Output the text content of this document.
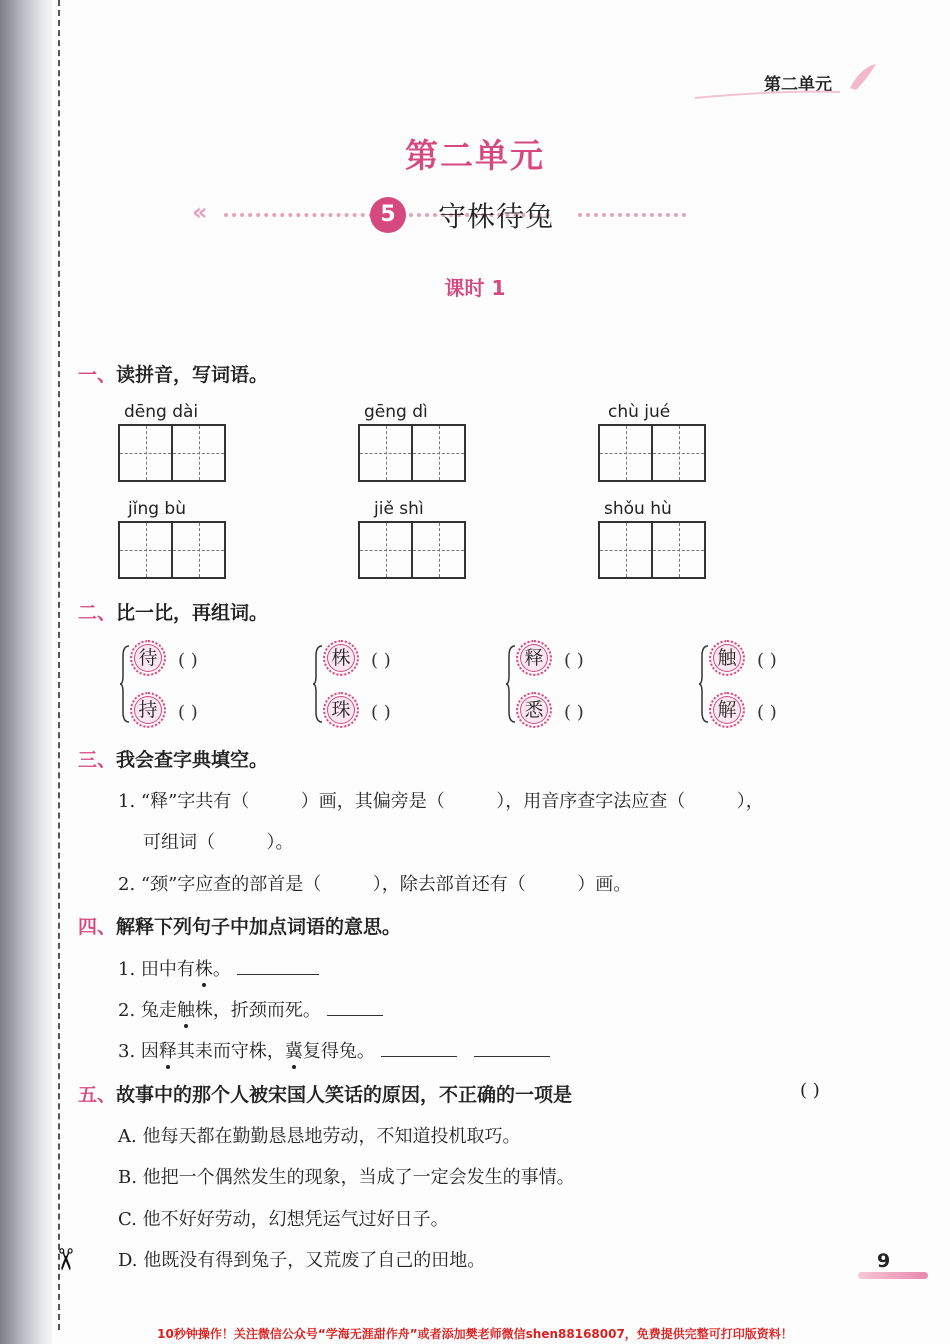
✂
第二单元
第二单元
«	5	守株待兔
课时 1
一、读拼音，写词语。
dēng dài	gēng dì	chù jué
jǐng bù	jiě shì	shǒu hù
二、比一比，再组词。
待	( )
持	( )
株	( )
珠	( )
释	( )
悉	( )
触	( )
解	( )
三、我会查字典填空。
1. “释”字共有（         ）画，其偏旁是（         ），用音序查字法应查（         ），
可组词（         ）。
2. “颈”字应查的部首是（         ），除去部首还有（         ）画。
四、解释下列句子中加点词语的意思。
1. 田中有株。
2. 兔走触株，折颈而死。
3. 因释其耒而守株，冀复得兔。
五、故事中的那个人被宋国人笑话的原因，不正确的一项是	( )
A. 他每天都在勤勤恳恳地劳动，不知道投机取巧。
B. 他把一个偶然发生的现象，当成了一定会发生的事情。
C. 他不好好劳动，幻想凭运气过好日子。
D. 他既没有得到兔子，又荒废了自己的田地。	9
10秒钟操作！关注微信公众号“学海无涯甜作舟”或者添加樊老师微信shen88168007，免费提供完整可打印版资料！
